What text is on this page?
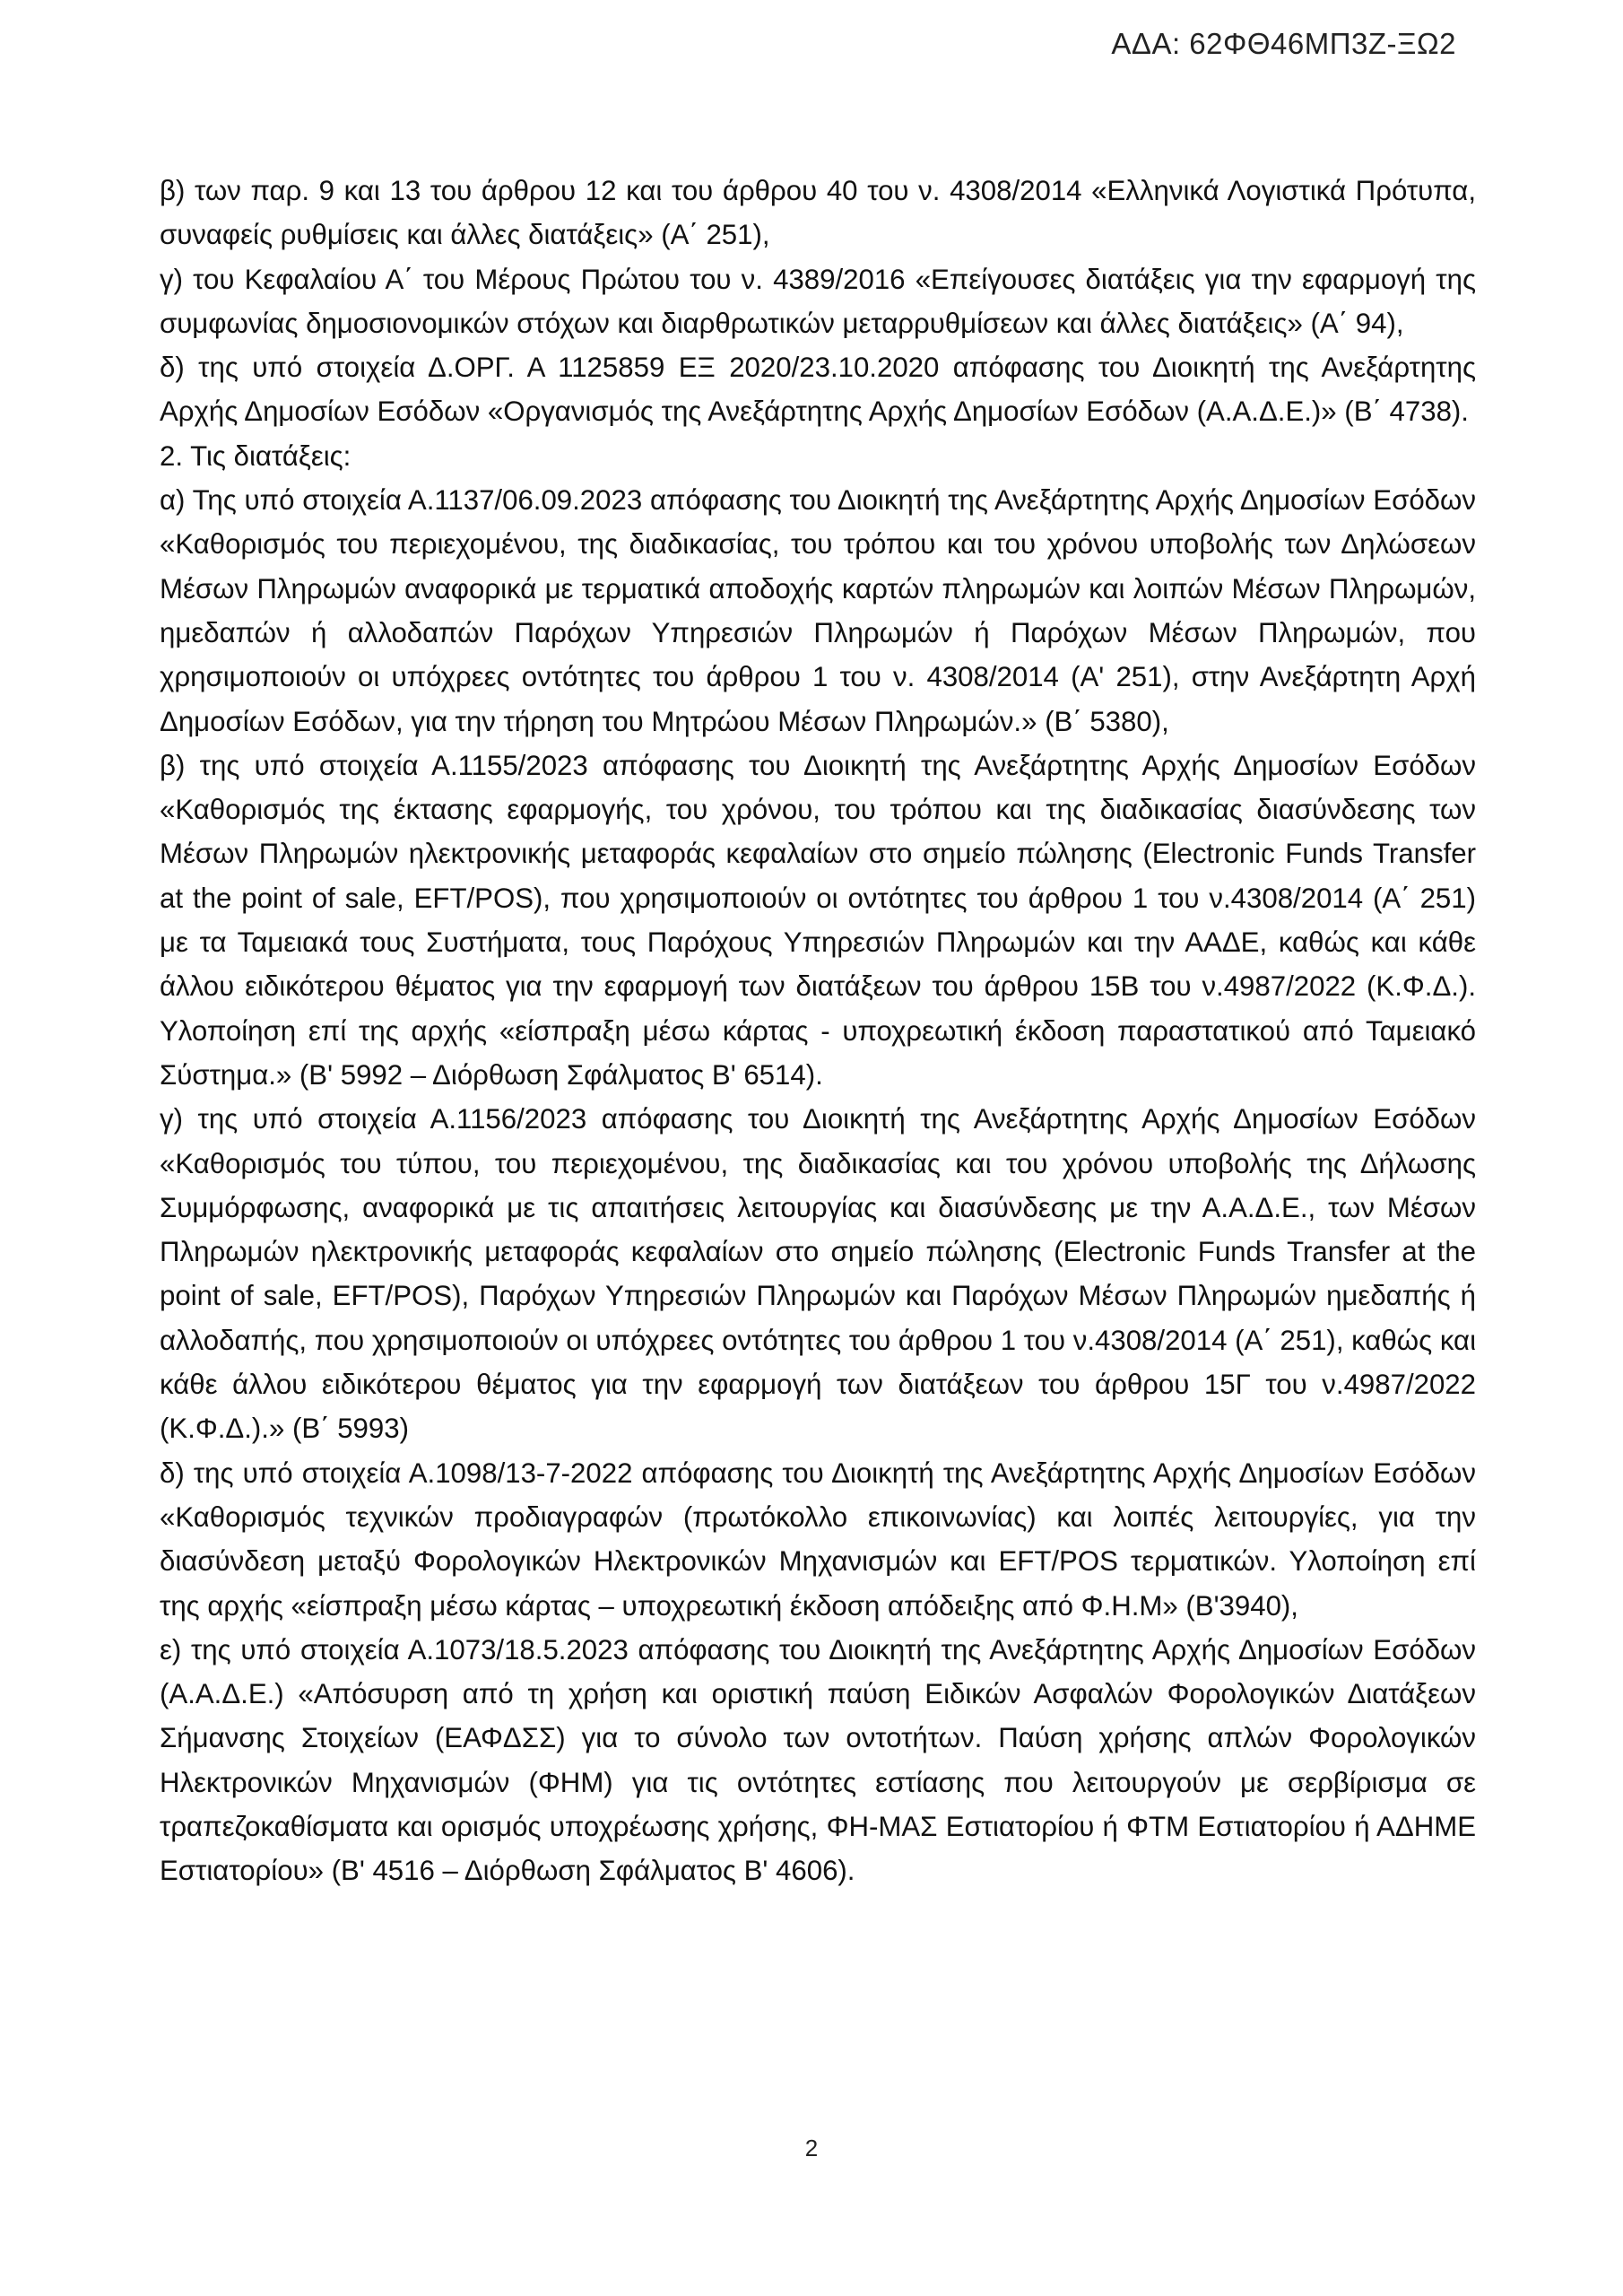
ΑΔΑ: 62ΦΘ46ΜΠ3Ζ-ΞΩ2

β) των παρ. 9 και 13 του άρθρου 12 και του άρθρου 40 του ν. 4308/2014 «Ελληνικά Λογιστικά Πρότυπα, συναφείς ρυθμίσεις και άλλες διατάξεις» (Α΄ 251),

γ) του Κεφαλαίου Α΄ του Μέρους Πρώτου του ν. 4389/2016 «Επείγουσες διατάξεις για την εφαρμογή της συμφωνίας δημοσιονομικών στόχων και διαρθρωτικών μεταρρυθμίσεων και άλλες διατάξεις» (Α΄ 94),

δ) της υπό στοιχεία Δ.ΟΡΓ. Α 1125859 ΕΞ 2020/23.10.2020 απόφασης του Διοικητή της Ανεξάρτητης Αρχής Δημοσίων Εσόδων «Οργανισμός της Ανεξάρτητης Αρχής Δημοσίων Εσόδων (Α.Α.Δ.Ε.)» (Β΄ 4738).

2. Τις διατάξεις:

α) Της υπό στοιχεία Α.1137/06.09.2023 απόφασης του Διοικητή της Ανεξάρτητης Αρχής Δημοσίων Εσόδων «Καθορισμός του περιεχομένου, της διαδικασίας, του τρόπου και του χρόνου υποβολής των Δηλώσεων Μέσων Πληρωμών αναφορικά με τερματικά αποδοχής καρτών πληρωμών και λοιπών Μέσων Πληρωμών, ημεδαπών ή αλλοδαπών Παρόχων Υπηρεσιών Πληρωμών ή Παρόχων Μέσων Πληρωμών, που χρησιμοποιούν οι υπόχρεες οντότητες του άρθρου 1 του ν. 4308/2014 (Α' 251), στην Ανεξάρτητη Αρχή Δημοσίων Εσόδων, για την τήρηση του Μητρώου Μέσων Πληρωμών.» (Β΄ 5380),

β) της υπό στοιχεία Α.1155/2023 απόφασης του Διοικητή της Ανεξάρτητης Αρχής Δημοσίων Εσόδων «Καθορισμός της έκτασης εφαρμογής, του χρόνου, του τρόπου και της διαδικασίας διασύνδεσης των Μέσων Πληρωμών ηλεκτρονικής μεταφοράς κεφαλαίων στο σημείο πώλησης (Electronic Funds Transfer at the point of sale, EFT/POS), που χρησιμοποιούν οι οντότητες του άρθρου 1 του ν.4308/2014 (Α΄ 251) με τα Ταμειακά τους Συστήματα, τους Παρόχους Υπηρεσιών Πληρωμών και την ΑΑΔΕ, καθώς και κάθε άλλου ειδικότερου θέματος για την εφαρμογή των διατάξεων του άρθρου 15Β του ν.4987/2022 (Κ.Φ.Δ.). Υλοποίηση επί της αρχής «είσπραξη μέσω κάρτας - υποχρεωτική έκδοση παραστατικού από Ταμειακό Σύστημα.» (Β' 5992 – Διόρθωση Σφάλματος Β' 6514).

γ) της υπό στοιχεία Α.1156/2023 απόφασης του Διοικητή της Ανεξάρτητης Αρχής Δημοσίων Εσόδων «Καθορισμός του τύπου, του περιεχομένου, της διαδικασίας και του χρόνου υποβολής της Δήλωσης Συμμόρφωσης, αναφορικά με τις απαιτήσεις λειτουργίας και διασύνδεσης με την Α.Α.Δ.Ε., των Μέσων Πληρωμών ηλεκτρονικής μεταφοράς κεφαλαίων στο σημείο πώλησης (Electronic Funds Transfer at the point of sale, EFT/POS), Παρόχων Υπηρεσιών Πληρωμών και Παρόχων Μέσων Πληρωμών ημεδαπής ή αλλοδαπής, που χρησιμοποιούν οι υπόχρεες οντότητες του άρθρου 1 του ν.4308/2014 (Α΄ 251), καθώς και κάθε άλλου ειδικότερου θέματος για την εφαρμογή των διατάξεων του άρθρου 15Γ του ν.4987/2022 (Κ.Φ.Δ.).» (Β΄ 5993)

δ) της υπό στοιχεία Α.1098/13-7-2022 απόφασης του Διοικητή της Ανεξάρτητης Αρχής Δημοσίων Εσόδων «Καθορισμός τεχνικών προδιαγραφών (πρωτόκολλο επικοινωνίας) και λοιπές λειτουργίες, για την διασύνδεση μεταξύ Φορολογικών Ηλεκτρονικών Μηχανισμών και EFT/POS τερματικών. Υλοποίηση επί της αρχής «είσπραξη μέσω κάρτας – υποχρεωτική έκδοση απόδειξης από Φ.Η.Μ» (Β'3940),

ε) της υπό στοιχεία Α.1073/18.5.2023 απόφασης του Διοικητή της Ανεξάρτητης Αρχής Δημοσίων Εσόδων (Α.Α.Δ.Ε.) «Απόσυρση από τη χρήση και οριστική παύση Ειδικών Ασφαλών Φορολογικών Διατάξεων Σήμανσης Στοιχείων (ΕΑΦΔΣΣ) για το σύνολο των οντοτήτων. Παύση χρήσης απλών Φορολογικών Ηλεκτρονικών Μηχανισμών (ΦΗΜ) για τις οντότητες εστίασης που λειτουργούν με σερβίρισμα σε τραπεζοκαθίσματα και ορισμός υποχρέωσης χρήσης, ΦΗ-ΜΑΣ Εστιατορίου ή ΦΤΜ Εστιατορίου ή ΑΔΗΜΕ Εστιατορίου» (Β' 4516 – Διόρθωση Σφάλματος Β' 4606).

2
